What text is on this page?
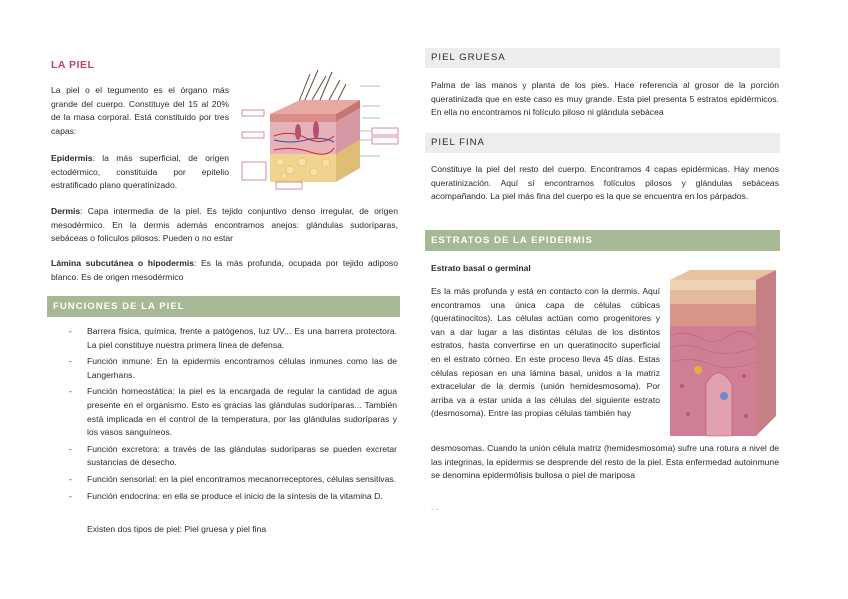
LA PIEL

La piel o el tegumento es el órgano más grande del cuerpo. Constituye del 15 al 20% de la masa corporal. Está constituido por tres capas:

Epidermis: la más superficial, de origen ectodérmico, constituida por epitelio estratificado plano queratinizado.

Dermis: Capa intermedia de la piel. Es tejido conjuntivo denso irregular, de origen mesodérmico. En la dermis además encontramos anejos: glándulas sudoríparas, sebáceas o folículos pilosos. Pueden o no estar

Lámina subcutánea o hipodermis: Es la más profunda, ocupada por tejido adiposo blanco. Es de origen mesodérmico

FUNCIONES DE LA PIEL
- Barrera física, química, frente a patógenos, luz UV... Es una barrera protectora. La piel constituye nuestra primera línea de defensa.
- Función inmune: En la epidermis encontramos células inmunes como las de Langerhans.
- Función homeostática: la piel es la encargada de regular la cantidad de agua presente en el organismo. Esto es gracias las glándulas sudoríparas... También está implicada en el control de la temperatura, por las glándulas sudoríparas y los vasos sanguíneos.
- Función excretora: a través de las glándulas sudoríparas se pueden excretar sustancias de desecho.
- Función sensorial: en la piel encontramos mecanorreceptores, células sensitivas.
- Función endocrina: en ella se produce el inicio de la síntesis de la vitamina D.
Existen dos tipos de piel: Piel gruesa y piel fina
PIEL GRUESA

Palma de las manos y planta de los pies. Hace referencia al grosor de la porción queratinizada que en este caso es muy grande. Esta piel presenta 5 estratos epidérmicos. En ella no encontramos ni folículo piloso ni glándula sebácea

PIEL FINA

Constituye la piel del resto del cuerpo. Encontramos 4 capas epidérmicas. Hay menos queratinización. Aquí sí encontramos folículos pilosos y glándulas sebáceas acompañando. La piel más fina del cuerpo es la que se encuentra en los párpados.

ESTRATOS DE LA EPIDERMIS
Estrato basal o germinal

Es la más profunda y está en contacto con la dermis. Aquí encontramos una única capa de células cúbicas (queratinocitos). Las células actúan como progenitores y van a dar lugar a las distintas células de los distintos estratos, hasta convertirse en un queratinocito superficial en el estrato córneo. En este proceso lleva 45 días. Estas células reposan en una lámina basal, unidos a la matriz extracelular de la dermis (unión hemidesmosoma). Por arriba va a estar unida a las células del siguiente estrato (desmosoma). Entre las propias células también hay

desmosomas. Cuando la unión célula matriz (hemidesmosoma) sufre una rotura a nivel de las integrinas, la epidermis se desprende del resto de la piel. Esta enfermedad autoinmune se denomina epidermólisis bullosa o piel de mariposa

` `
